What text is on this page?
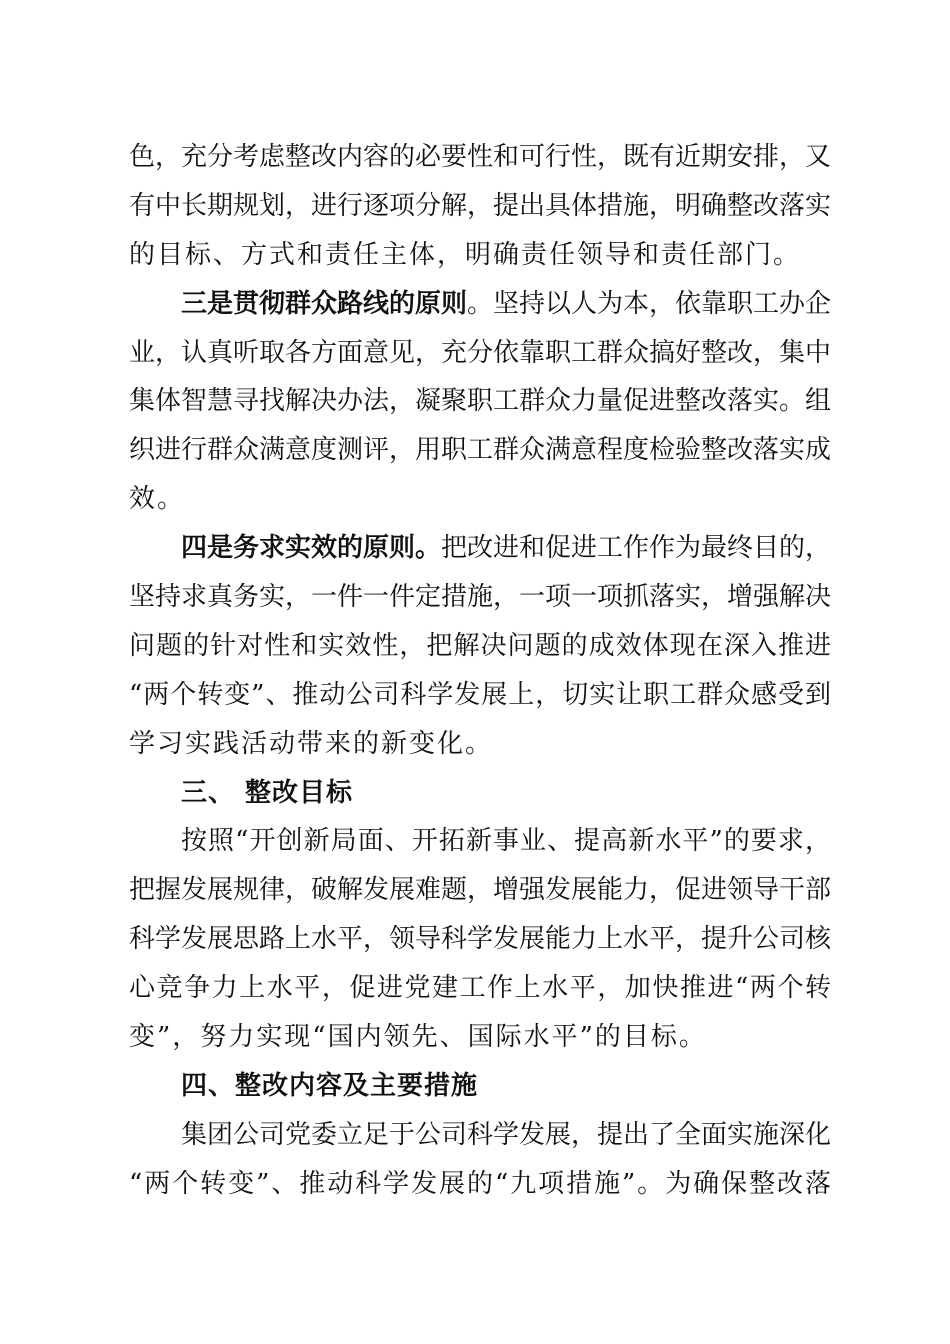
色，充分考虑整改内容的必要性和可行性，既有近期安排，又
有中长期规划，进行逐项分解，提出具体措施，明确整改落实
的目标、方式和责任主体，明确责任领导和责任部门。
三是贯彻群众路线的原则。坚持以人为本，依靠职工办企
业，认真听取各方面意见，充分依靠职工群众搞好整改，集中
集体智慧寻找解决办法，凝聚职工群众力量促进整改落实。组
织进行群众满意度测评，用职工群众满意程度检验整改落实成
效。
四是务求实效的原则。把改进和促进工作作为最终目的，
坚持求真务实，一件一件定措施，一项一项抓落实，增强解决
问题的针对性和实效性，把解决问题的成效体现在深入推进
“两个转变”、推动公司科学发展上，切实让职工群众感受到
学习实践活动带来的新变化。
三、 整改目标
按照“开创新局面、开拓新事业、提高新水平”的要求，
把握发展规律，破解发展难题，增强发展能力，促进领导干部
科学发展思路上水平，领导科学发展能力上水平，提升公司核
心竞争力上水平，促进党建工作上水平，加快推进“两个转
变”，努力实现“国内领先、国际水平”的目标。
四、整改内容及主要措施
集团公司党委立足于公司科学发展，提出了全面实施深化
“两个转变”、推动科学发展的“九项措施”。为确保整改落
